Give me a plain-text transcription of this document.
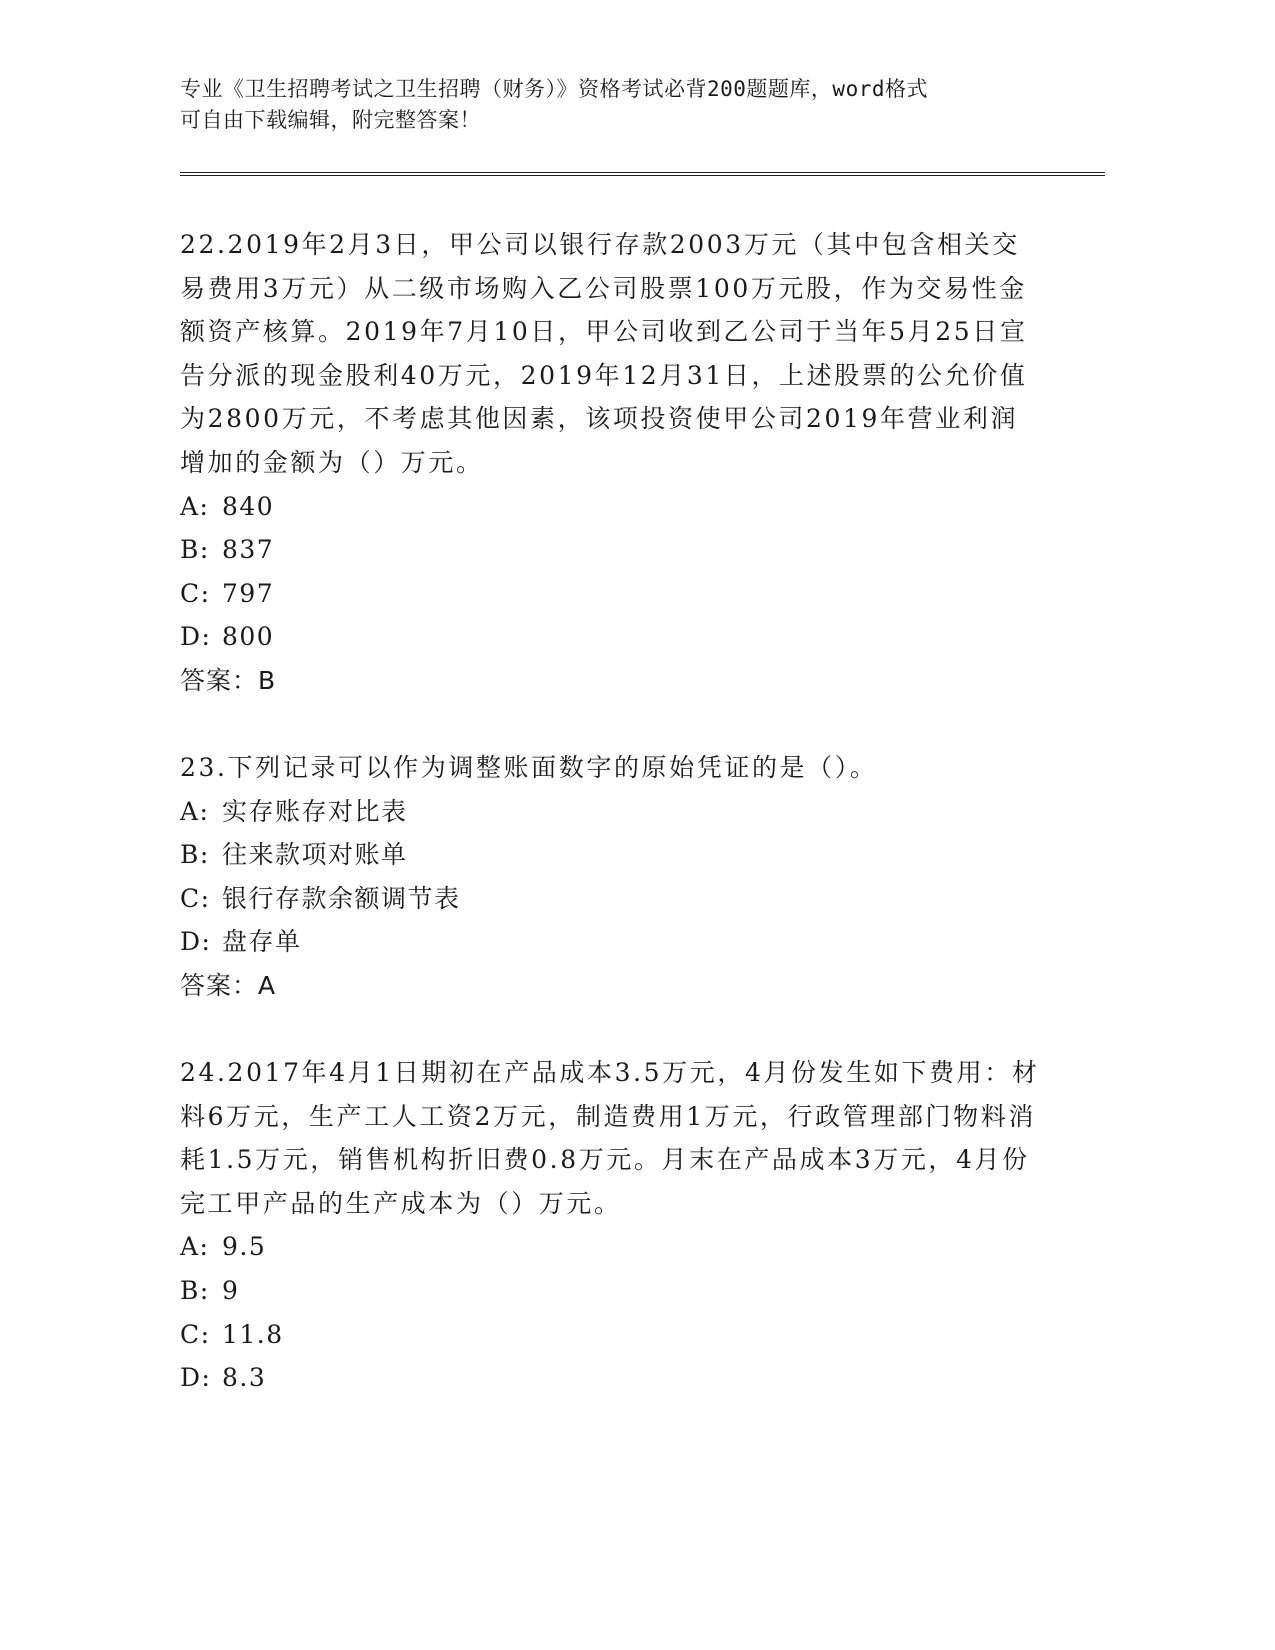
专业《卫生招聘考试之卫生招聘（财务）》资格考试必背200题题库，word格式
可自由下载编辑，附完整答案！

22.2019年2月3日，甲公司以银行存款2003万元（其中包含相关交易费用3万元）从二级市场购入乙公司股票100万元股，作为交易性金额资产核算。2019年7月10日，甲公司收到乙公司于当年5月25日宣告分派的现金股利40万元，2019年12月31日，上述股票的公允价值为2800万元，不考虑其他因素，该项投资使甲公司2019年营业利润增加的金额为（）万元。

A: 840

B: 837

C: 797

D: 800

答案：B

23.下列记录可以作为调整账面数字的原始凭证的是（）。

A: 实存账存对比表

B: 往来款项对账单

C: 银行存款余额调节表

D: 盘存单

答案：A

24.2017年4月1日期初在产品成本3.5万元，4月份发生如下费用：材料6万元，生产工人工资2万元，制造费用1万元，行政管理部门物料消耗1.5万元，销售机构折旧费0.8万元。月末在产品成本3万元，4月份完工甲产品的生产成本为（）万元。

A: 9.5

B: 9

C: 11.8

D: 8.3
